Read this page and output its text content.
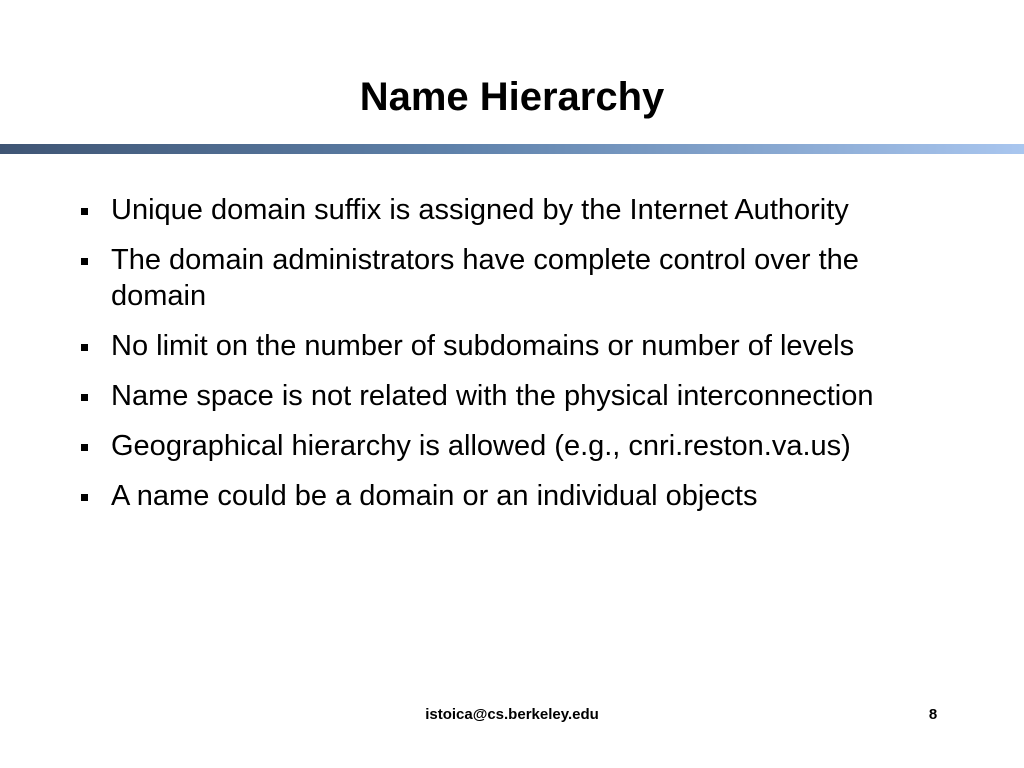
Name Hierarchy
Unique domain suffix is assigned by the Internet Authority
The domain administrators have complete control over the domain
No limit on the number of subdomains or number of levels
Name space is not related with the physical interconnection
Geographical hierarchy is allowed (e.g., cnri.reston.va.us)
A name could be a domain or an individual objects
istoica@cs.berkeley.edu	8
